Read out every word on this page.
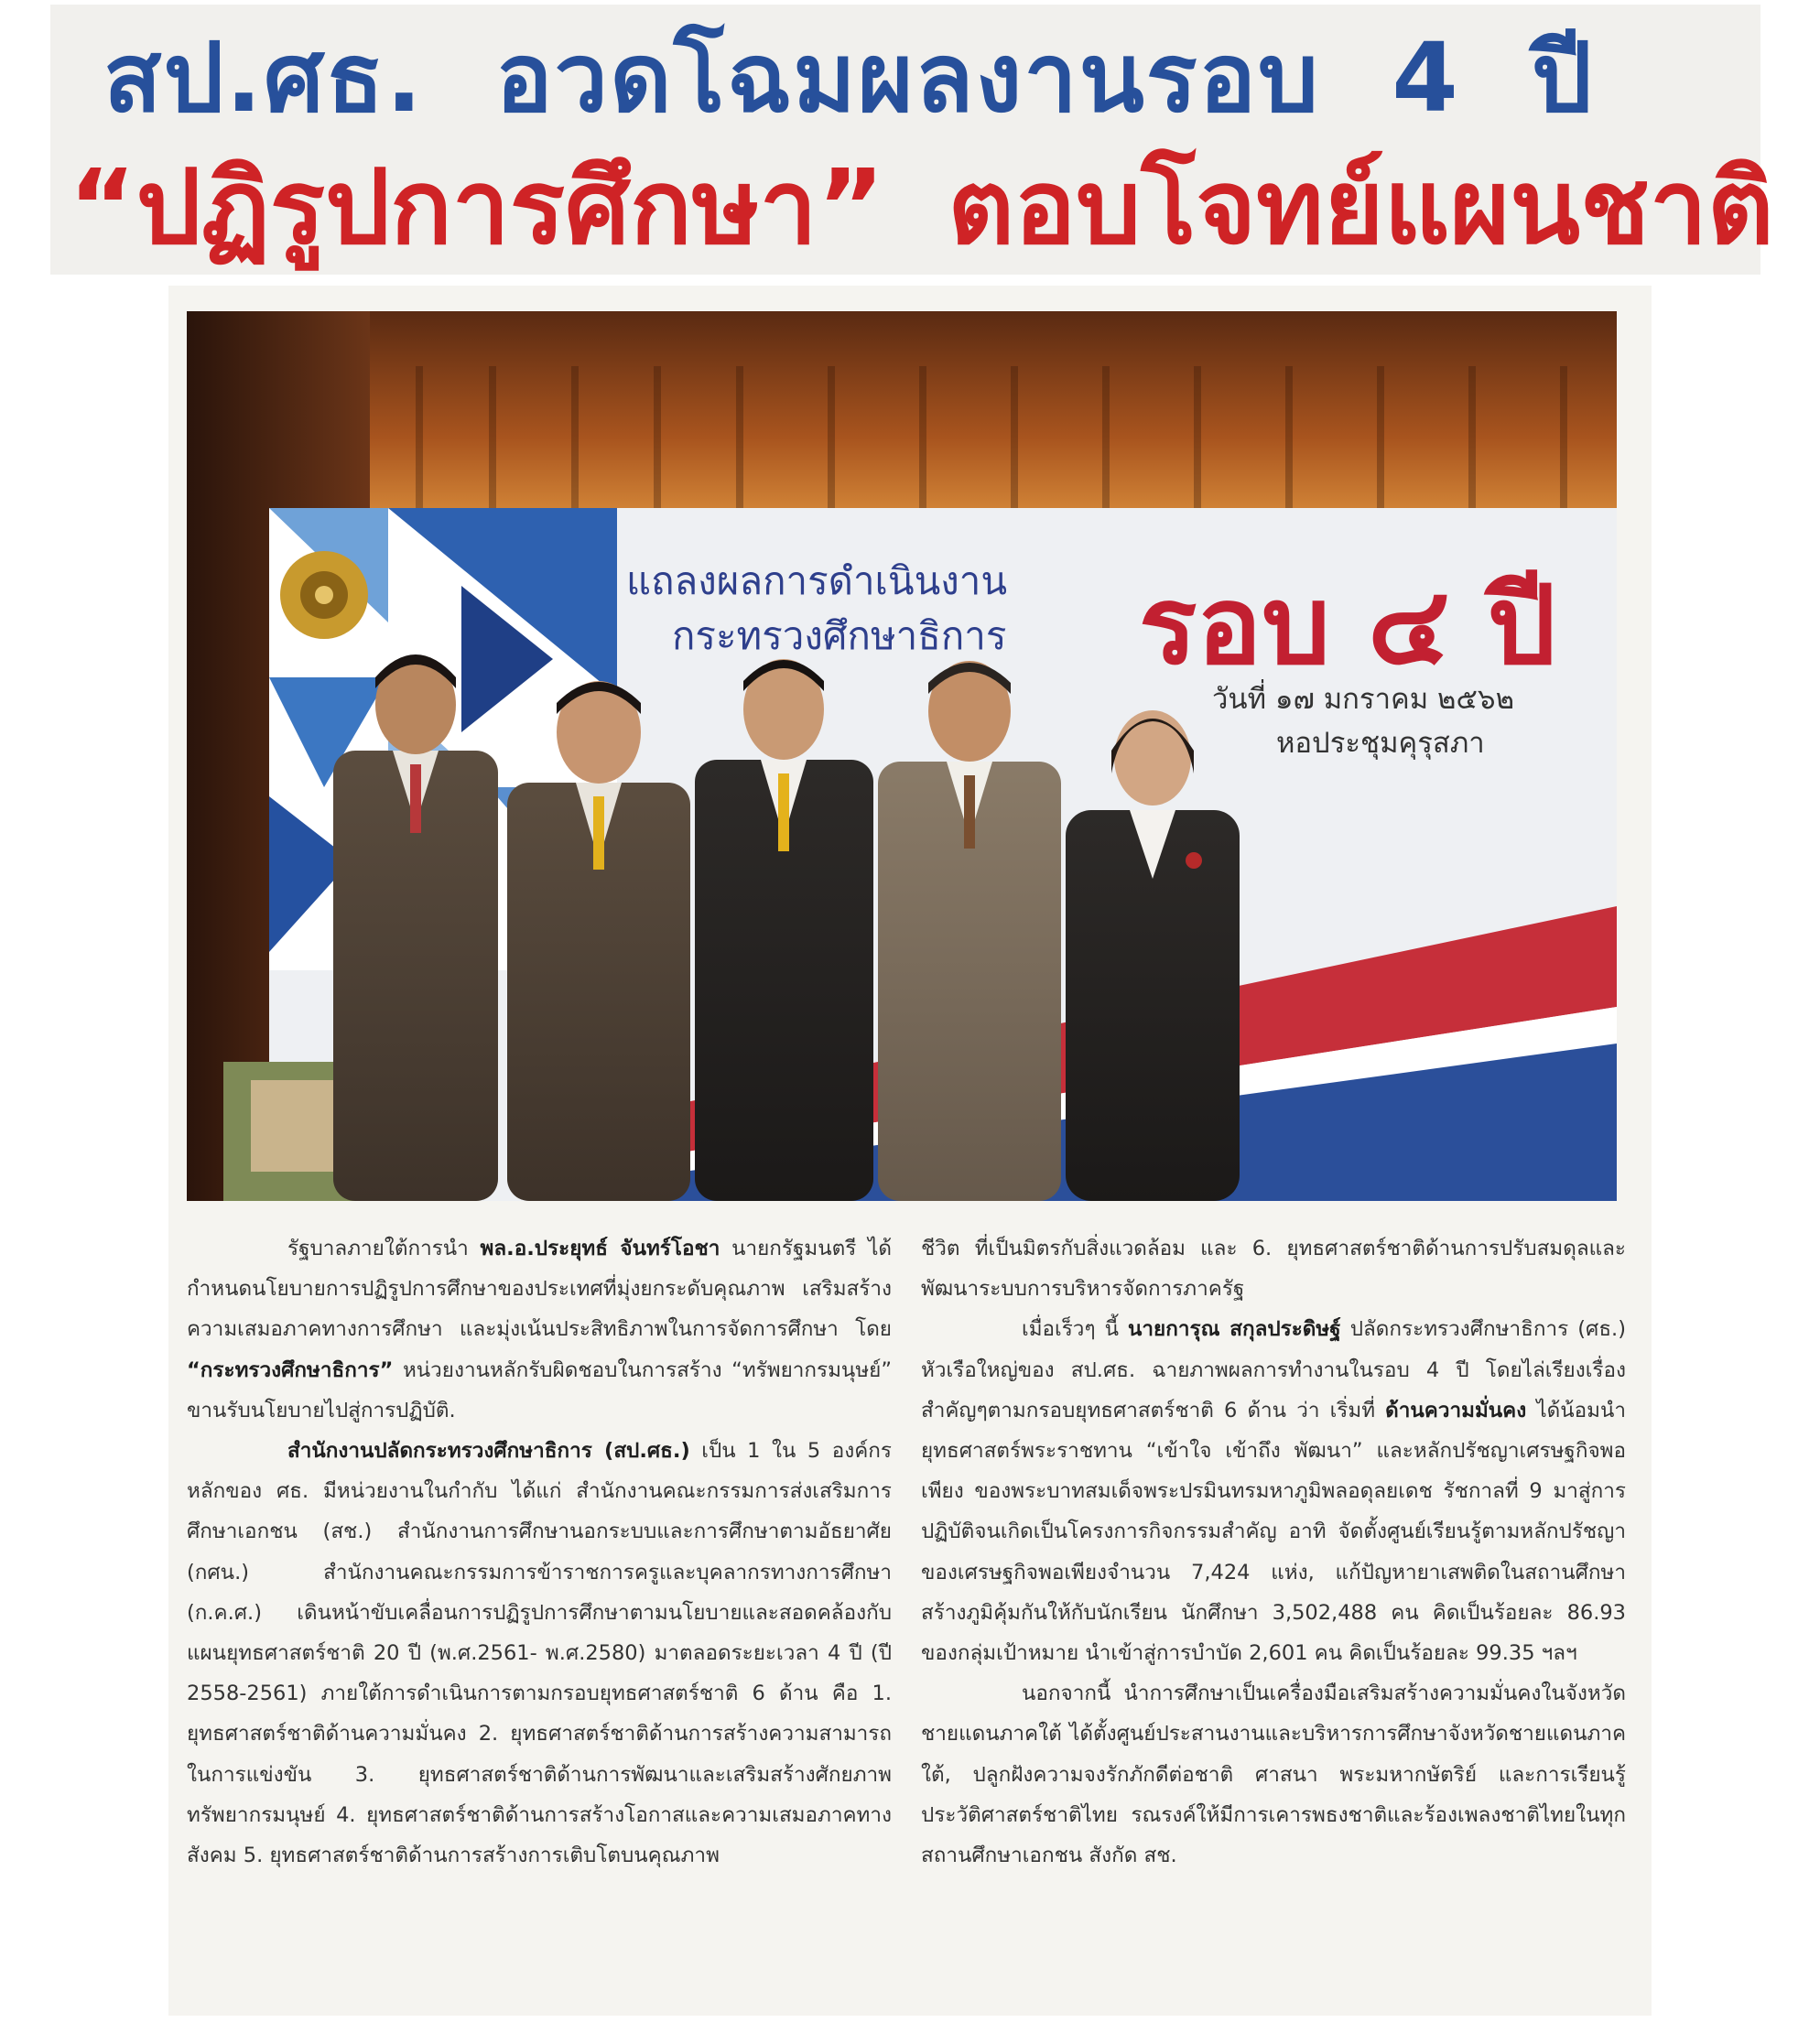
สป.ศธ. อวดโฉมผลงานรอบ 4 ปี
“ปฏิรูปการศึกษา” ตอบโจทย์แผนชาติ
แถลงผลการดำเนินงาน
กระทรวงศึกษาธิการ รอบ ๔ ปี
วันที่ ๑๗ มกราคม ๒๕๖๒
หอประชุมคุรุสภา

รัฐบาลภายใต้การนำ พล.อ.ประยุทธ์ จันทร์โอชา นายกรัฐมนตรี ได้กำหนดนโยบายการปฏิรูปการศึกษาของประเทศที่มุ่งยกระดับคุณภาพ เสริมสร้าง ความเสมอภาคทางการศึกษา และมุ่งเน้นประสิทธิภาพในการจัดการศึกษา โดย “กระทรวงศึกษาธิการ” หน่วยงานหลักรับผิดชอบในการสร้าง “ทรัพยากรมนุษย์” ขานรับนโยบายไปสู่การปฏิบัติ.

สำนักงานปลัดกระทรวงศึกษาธิการ (สป.ศธ.) เป็น 1 ใน 5 องค์กรหลักของ ศธ. มีหน่วยงานในกำกับ ได้แก่ สำนักงานคณะกรรมการส่งเสริมการศึกษาเอกชน (สช.) สำนักงานการศึกษานอกระบบและการศึกษาตามอัธยาศัย (กศน.) สำนักงานคณะกรรมการข้าราชการครูและบุคลากรทางการศึกษา (ก.ค.ศ.) เดินหน้าขับเคลื่อนการปฏิรูปการศึกษาตามนโยบายและสอดคล้องกับแผนยุทธศาสตร์ชาติ 20 ปี (พ.ศ.2561- พ.ศ.2580) มาตลอดระยะเวลา 4 ปี (ปี 2558-2561) ภายใต้การดำเนินการตามกรอบยุทธศาสตร์ชาติ 6 ด้าน คือ 1. ยุทธศาสตร์ชาติด้านความมั่นคง 2. ยุทธศาสตร์ชาติด้านการสร้างความสามารถในการแข่งขัน 3. ยุทธศาสตร์ชาติด้านการพัฒนาและเสริมสร้างศักยภาพทรัพยากรมนุษย์ 4. ยุทธศาสตร์ชาติด้านการสร้างโอกาสและความเสมอภาคทางสังคม 5. ยุทธศาสตร์ชาติด้านการสร้างการเติบโตบนคุณภาพ

ชีวิต ที่เป็นมิตรกับสิ่งแวดล้อม และ 6. ยุทธศาสตร์ชาติด้านการปรับสมดุลและพัฒนาระบบการบริหารจัดการภาครัฐ

เมื่อเร็วๆ นี้ นายการุณ สกุลประดิษฐ์ ปลัดกระทรวงศึกษาธิการ (ศธ.) หัวเรือใหญ่ของ สป.ศธ. ฉายภาพผลการทำงานในรอบ 4 ปี โดยไล่เรียงเรื่องสำคัญๆตามกรอบยุทธศาสตร์ชาติ 6 ด้าน ว่า เริ่มที่ ด้านความมั่นคง ได้น้อมนำยุทธศาสตร์พระราชทาน “เข้าใจ เข้าถึง พัฒนา” และหลักปรัชญาเศรษฐกิจพอเพียง ของพระบาทสมเด็จพระปรมินทรมหาภูมิพลอดุลยเดช รัชกาลที่ 9 มาสู่การปฏิบัติจนเกิดเป็นโครงการกิจกรรมสำคัญ อาทิ จัดตั้งศูนย์เรียนรู้ตามหลักปรัชญาของเศรษฐกิจพอเพียงจำนวน 7,424 แห่ง, แก้ปัญหายาเสพติดในสถานศึกษา สร้างภูมิคุ้มกันให้กับนักเรียน นักศึกษา 3,502,488 คน คิดเป็นร้อยละ 86.93 ของกลุ่มเป้าหมาย นำเข้าสู่การบำบัด 2,601 คน คิดเป็นร้อยละ 99.35 ฯลฯ

นอกจากนี้ นำการศึกษาเป็นเครื่องมือเสริมสร้างความมั่นคงในจังหวัดชายแดนภาคใต้ ได้ตั้งศูนย์ประสานงานและบริหารการศึกษาจังหวัดชายแดนภาคใต้, ปลูกฝังความจงรักภักดีต่อชาติ ศาสนา พระมหากษัตริย์ และการเรียนรู้ ประวัติศาสตร์ชาติไทย รณรงค์ให้มีการเคารพธงชาติและร้องเพลงชาติไทยในทุกสถานศึกษาเอกชน สังกัด สช.
